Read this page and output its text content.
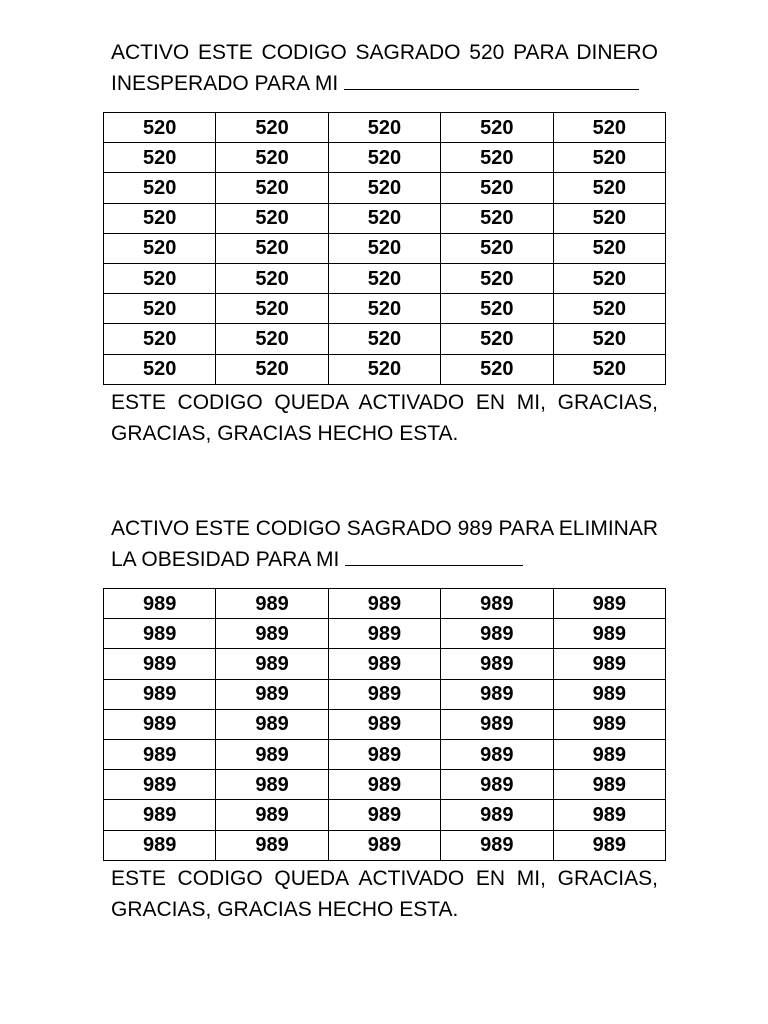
ACTIVO ESTE CODIGO SAGRADO 520 PARA DINERO INESPERADO PARA MI

520	520	520	520	520
520	520	520	520	520
520	520	520	520	520
520	520	520	520	520
520	520	520	520	520
520	520	520	520	520
520	520	520	520	520
520	520	520	520	520
520	520	520	520	520

ESTE CODIGO QUEDA ACTIVADO EN MI, GRACIAS, GRACIAS, GRACIAS HECHO ESTA.

ACTIVO ESTE CODIGO SAGRADO 989 PARA ELIMINAR LA OBESIDAD PARA MI

989	989	989	989	989
989	989	989	989	989
989	989	989	989	989
989	989	989	989	989
989	989	989	989	989
989	989	989	989	989
989	989	989	989	989
989	989	989	989	989
989	989	989	989	989

ESTE CODIGO QUEDA ACTIVADO EN MI, GRACIAS, GRACIAS, GRACIAS HECHO ESTA.
